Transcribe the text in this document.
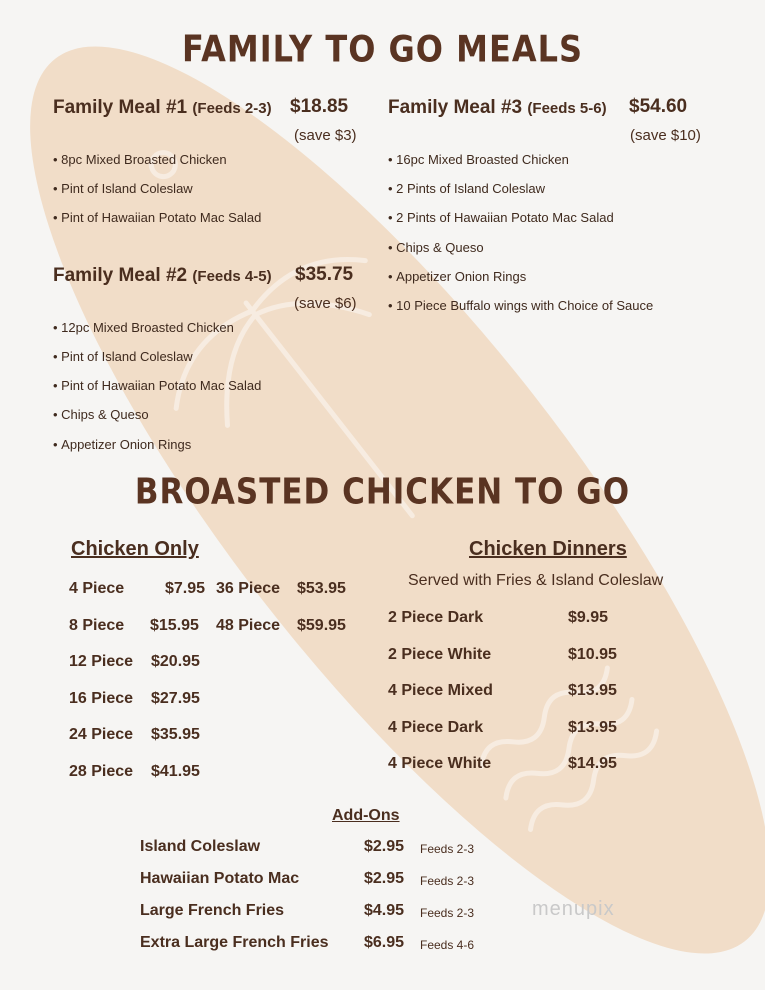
FAMILY TO GO MEALS
Family Meal #1 (Feeds 2-3) $18.85
(save $3)
• 8pc Mixed Broasted Chicken
• Pint of Island Coleslaw
• Pint of Hawaiian Potato Mac Salad
Family Meal #2 (Feeds 4-5) $35.75
(save $6)
• 12pc Mixed Broasted Chicken
• Pint of Island Coleslaw
• Pint of Hawaiian Potato Mac Salad
• Chips & Queso
• Appetizer Onion Rings
Family Meal #3 (Feeds 5-6) $54.60
(save $10)
• 16pc Mixed Broasted Chicken
• 2 Pints of Island Coleslaw
• 2 Pints of Hawaiian Potato Mac Salad
• Chips & Queso
• Appetizer Onion Rings
• 10 Piece Buffalo wings with Choice of Sauce
BROASTED CHICKEN TO GO
Chicken Only
4 Piece	$7.95
8 Piece $15.95
12 Piece $20.95
16 Piece $27.95
24 Piece $35.95
28 Piece $41.95
36 Piece $53.95
48 Piece $59.95
Chicken Dinners
Served with Fries & Island Coleslaw
2 Piece Dark	$9.95
2 Piece White	$10.95
4 Piece Mixed	$13.95
4 Piece Dark	$13.95
4 Piece White	$14.95
Add-Ons
Island Coleslaw	$2.95 Feeds 2-3
Hawaiian Potato Mac	$2.95 Feeds 2-3
Large French Fries	$4.95 Feeds 2-3
Extra Large French Fries $6.95 Feeds 4-6
menupix
